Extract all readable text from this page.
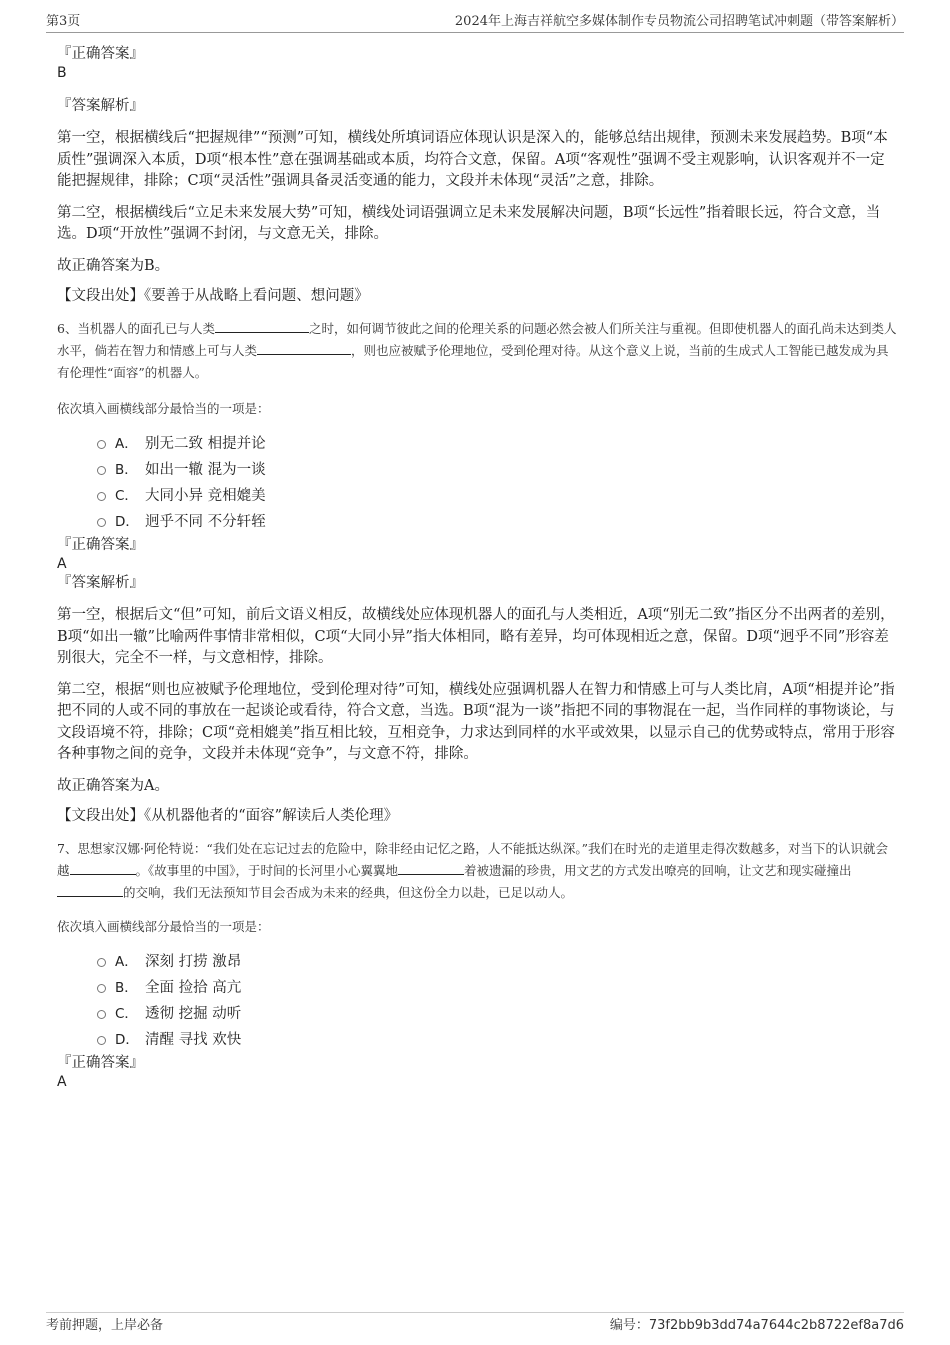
第3页	2024年上海吉祥航空多媒体制作专员物流公司招聘笔试冲刺题（带答案解析）

『正确答案』

B

『答案解析』

第一空，根据横线后“把握规律”“预测”可知，横线处所填词语应体现认识是深入的，能够总结出规律，预测未来发展趋势。B项“本质性”强调深入本质，D项“根本性”意在强调基础或本质，均符合文意，保留。A项“客观性”强调不受主观影响，认识客观并不一定能把握规律，排除；C项“灵活性”强调具备灵活变通的能力，文段并未体现“灵活”之意，排除。

第二空，根据横线后“立足未来发展大势”可知，横线处词语强调立足未来发展解决问题，B项“长远性”指着眼长远，符合文意，当选。D项“开放性”强调不封闭，与文意无关，排除。

故正确答案为B。

【文段出处】《要善于从战略上看问题、想问题》

6、当机器人的面孔已与人类	之时，如何调节彼此之间的伦理关系的问题必然会被人们所关注与重视。但即使机器人的面孔尚未达到类人水平，倘若在智力和情感上可与人类	，则也应被赋予伦理地位，受到伦理对待。从这个意义上说，当前的生成式人工智能已越发成为具有伦理性“面容”的机器人。

依次填入画横线部分最恰当的一项是：

A． 别无二致 相提并论
B． 如出一辙 混为一谈
C． 大同小异 竞相媲美
D． 迥乎不同 不分轩轾

『正确答案』

A

『答案解析』

第一空，根据后文“但”可知，前后文语义相反，故横线处应体现机器人的面孔与人类相近，A项“别无二致”指区分不出两者的差别，B项“如出一辙”比喻两件事情非常相似，C项“大同小异”指大体相同，略有差异，均可体现相近之意，保留。D项“迥乎不同”形容差别很大，完全不一样，与文意相悖，排除。

第二空，根据“则也应被赋予伦理地位，受到伦理对待”可知，横线处应强调机器人在智力和情感上可与人类比肩，A项“相提并论”指把不同的人或不同的事放在一起谈论或看待，符合文意，当选。B项“混为一谈”指把不同的事物混在一起，当作同样的事物谈论，与文段语境不符，排除；C项“竞相媲美”指互相比较，互相竞争，力求达到同样的水平或效果，以显示自己的优势或特点，常用于形容各种事物之间的竞争，文段并未体现“竞争”，与文意不符，排除。

故正确答案为A。

【文段出处】《从机器他者的“面容”解读后人类伦理》

7、思想家汉娜·阿伦特说：“我们处在忘记过去的危险中，除非经由记忆之路，人不能抵达纵深。”我们在时光的走道里走得次数越多，对当下的认识就会越	。《故事里的中国》，于时间的长河里小心翼翼地	着被遗漏的珍贵，用文艺的方式发出嘹亮的回响，让文艺和现实碰撞出的交响，我们无法预知节目会否成为未来的经典，但这份全力以赴，已足以动人。

依次填入画横线部分最恰当的一项是：

A． 深刻 打捞 激昂
B． 全面 捡拾 高亢
C． 透彻 挖掘 动听
D． 清醒 寻找 欢快

『正确答案』

A

考前押题，上岸必备	编号：73f2bb9b3dd74a7644c2b8722ef8a7d6
